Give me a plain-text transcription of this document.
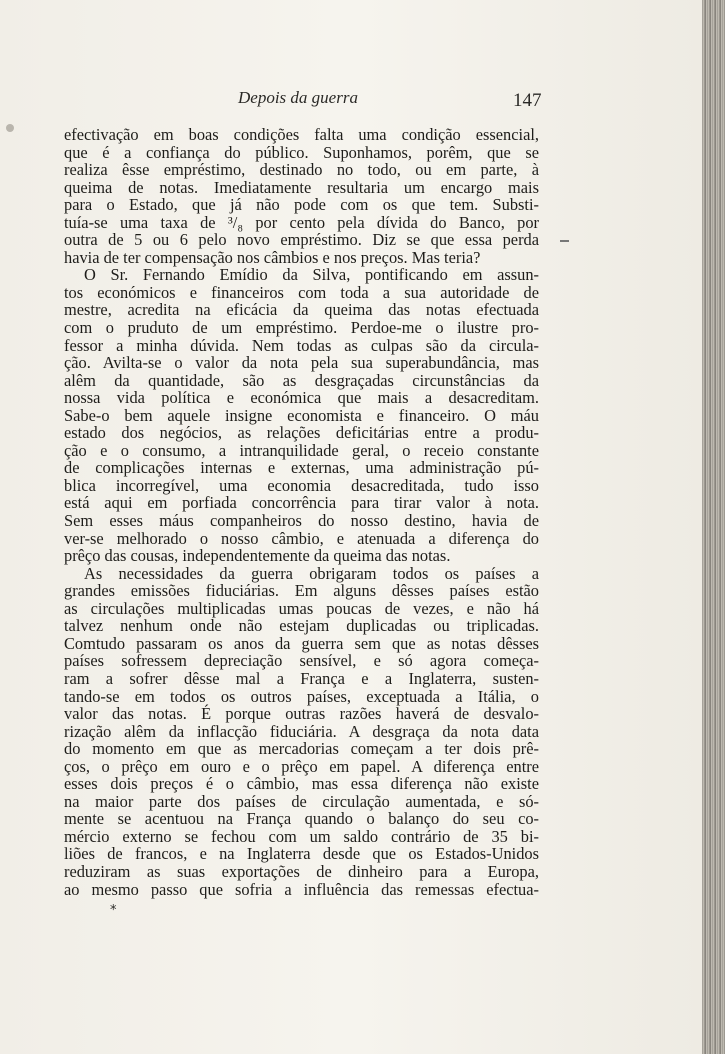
Depois da guerra	147
efectivação em boas condições falta uma condição essencial,
que é a confiança do público. Suponhamos, porêm, que se
realiza êsse empréstimo, destinado no todo, ou em parte, à
queima de notas. Imediatamente resultaria um encargo mais
para o Estado, que já não pode com os que tem. Substi-
tuía-se uma taxa de ³/₈ por cento pela dívida do Banco, por
outra de 5 ou 6 pelo novo empréstimo. Diz se que essa perda
havia de ter compensação nos câmbios e nos preços. Mas teria?
O Sr. Fernando Emídio da Silva, pontificando em assun-
tos económicos e financeiros com toda a sua autoridade de
mestre, acredita na eficácia da queima das notas efectuada
com o pruduto de um empréstimo. Perdoe-me o ilustre pro-
fessor a minha dúvida. Nem todas as culpas são da circula-
ção. Avilta-se o valor da nota pela sua superabundância, mas
alêm da quantidade, são as desgraçadas circunstâncias da
nossa vida política e económica que mais a desacreditam.
Sabe-o bem aquele insigne economista e financeiro. O máu
estado dos negócios, as relações deficitárias entre a produ-
ção e o consumo, a intranquilidade geral, o receio constante
de complicações internas e externas, uma administração pú-
blica incorregível, uma economia desacreditada, tudo isso
está aqui em porfiada concorrência para tirar valor à nota.
Sem esses máus companheiros do nosso destino, havia de
ver-se melhorado o nosso câmbio, e atenuada a diferença do
prêço das cousas, independentemente da queima das notas.
As necessidades da guerra obrigaram todos os países a
grandes emissões fiduciárias. Em alguns dêsses países estão
as circulações multiplicadas umas poucas de vezes, e não há
talvez nenhum onde não estejam duplicadas ou triplicadas.
Comtudo passaram os anos da guerra sem que as notas dêsses
países sofressem depreciação sensível, e só agora começa-
ram a sofrer dêsse mal a França e a Inglaterra, susten-
tando-se em todos os outros países, exceptuada a Itália, o
valor das notas. É porque outras razões haverá de desvalo-
rização alêm da inflacção fiduciária. A desgraça da nota data
do momento em que as mercadorias começam a ter dois prê-
ços, o prêço em ouro e o prêço em papel. A diferença entre
esses dois preços é o câmbio, mas essa diferença não existe
na maior parte dos países de circulação aumentada, e só-
mente se acentuou na França quando o balanço do seu co-
mércio externo se fechou com um saldo contrário de 35 bi-
liões de francos, e na Inglaterra desde que os Estados-Unidos
reduziram as suas exportações de dinheiro para a Europa,
ao mesmo passo que sofria a influência das remessas efectua-
*
